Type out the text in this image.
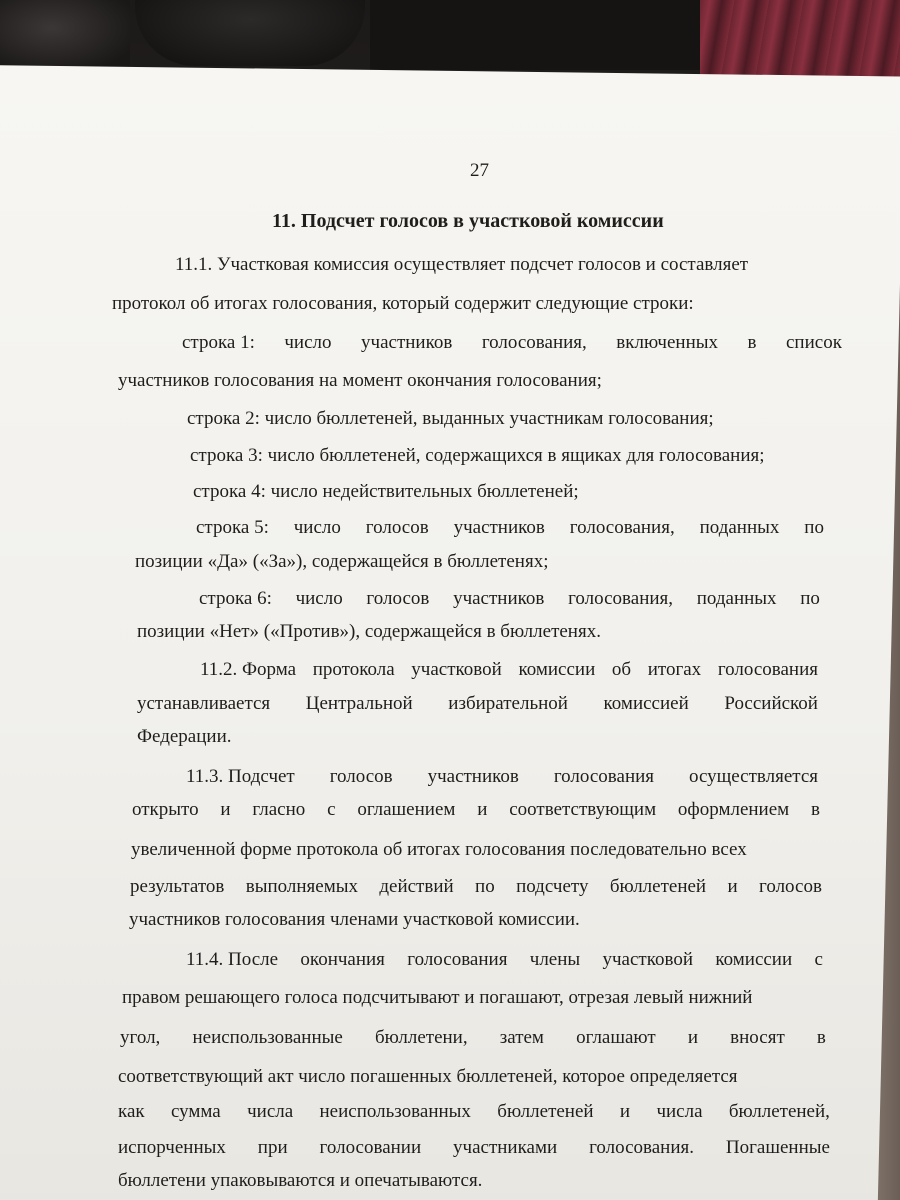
27
11. Подсчет голосов в участковой комиссии
11.1. Участковая комиссия осуществляет подсчет голосов и составляет
протокол об итогах голосования, который содержит следующие строки:
строка 1: число участников голосования, включенных в список
участников голосования на момент окончания голосования;
строка 2: число бюллетеней, выданных участникам голосования;
строка 3: число бюллетеней, содержащихся в ящиках для голосования;
строка 4: число недействительных бюллетеней;
строка 5: число голосов участников голосования, поданных по
позиции «Да» («За»), содержащейся в бюллетенях;
строка 6: число голосов участников голосования, поданных по
позиции «Нет» («Против»), содержащейся в бюллетенях.
11.2. Форма протокола участковой комиссии об итогах голосования
устанавливается Центральной избирательной комиссией Российской
Федерации.
11.3. Подсчет голосов участников голосования осуществляется
открыто и гласно с оглашением и соответствующим оформлением в
увеличенной форме протокола об итогах голосования последовательно всех
результатов выполняемых действий по подсчету бюллетеней и голосов
участников голосования членами участковой комиссии.
11.4. После окончания голосования члены участковой комиссии с
правом решающего голоса подсчитывают и погашают, отрезая левый нижний
угол, неиспользованные бюллетени, затем оглашают и вносят в
соответствующий акт число погашенных бюллетеней, которое определяется
как сумма числа неиспользованных бюллетеней и числа бюллетеней,
испорченных при голосовании участниками голосования. Погашенные
бюллетени упаковываются и опечатываются.
